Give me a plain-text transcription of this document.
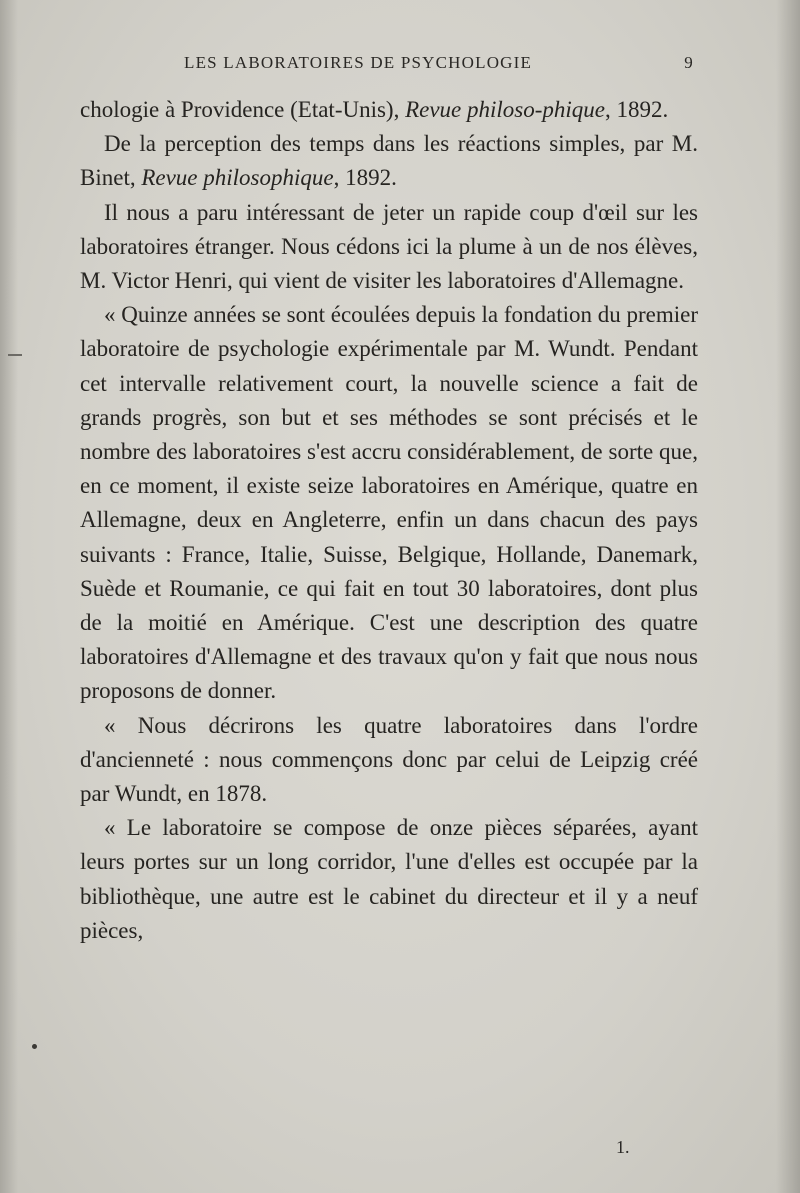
LES LABORATOIRES DE PSYCHOLOGIE	9

chologie à Providence (Etat-Unis), Revue philoso-phique, 1892.

De la perception des temps dans les réactions simples, par M. Binet, Revue philosophique, 1892.

Il nous a paru intéressant de jeter un rapide coup d'œil sur les laboratoires étranger. Nous cédons ici la plume à un de nos élèves, M. Victor Henri, qui vient de visiter les laboratoires d'Allemagne.

« Quinze années se sont écoulées depuis la fondation du premier laboratoire de psychologie expérimentale par M. Wundt. Pendant cet intervalle relativement court, la nouvelle science a fait de grands progrès, son but et ses méthodes se sont précisés et le nombre des laboratoires s'est accru considérablement, de sorte que, en ce moment, il existe seize laboratoires en Amérique, quatre en Allemagne, deux en Angleterre, enfin un dans chacun des pays suivants : France, Italie, Suisse, Belgique, Hollande, Danemark, Suède et Roumanie, ce qui fait en tout 30 laboratoires, dont plus de la moitié en Amérique. C'est une description des quatre laboratoires d'Allemagne et des travaux qu'on y fait que nous nous proposons de donner.

« Nous décrirons les quatre laboratoires dans l'ordre d'ancienneté : nous commençons donc par celui de Leipzig créé par Wundt, en 1878.

« Le laboratoire se compose de onze pièces séparées, ayant leurs portes sur un long corridor, l'une d'elles est occupée par la bibliothèque, une autre est le cabinet du directeur et il y a neuf pièces,

1.
